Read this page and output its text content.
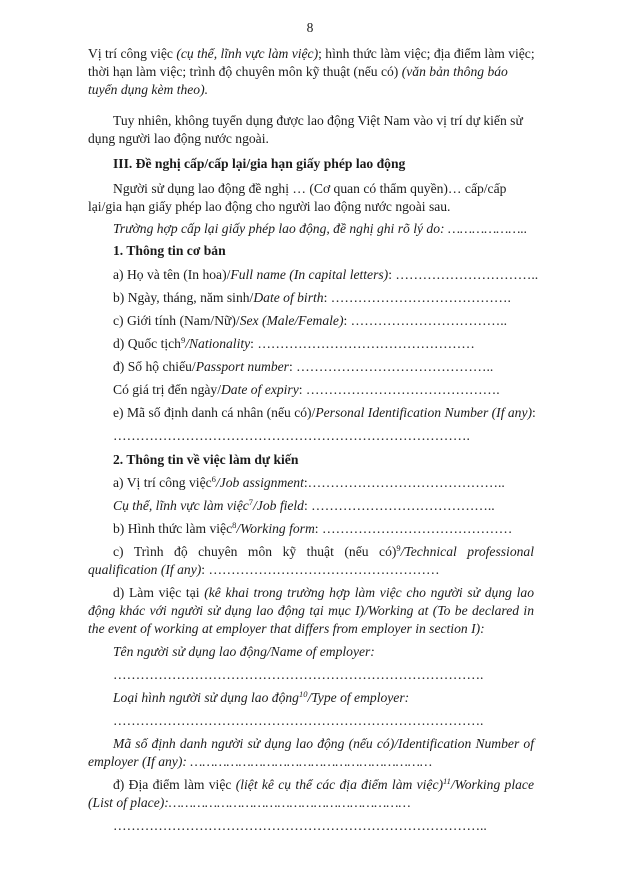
8
Vị trí công việc (cụ thể, lĩnh vực làm việc); hình thức làm việc; địa điểm làm việc;
thời hạn làm việc; trình độ chuyên môn kỹ thuật (nếu có) (văn bản thông báo
tuyển dụng kèm theo).
Tuy nhiên, không tuyển dụng được lao động Việt Nam vào vị trí dự kiến sử
dụng người lao động nước ngoài.
III. Đề nghị cấp/cấp lại/gia hạn giấy phép lao động
Người sử dụng lao động đề nghị … (Cơ quan có thẩm quyền)… cấp/cấp
lại/gia hạn giấy phép lao động cho người lao động nước ngoài sau.
Trường hợp cấp lại giấy phép lao động, đề nghị ghi rõ lý do: ………………..
1. Thông tin cơ bản
a) Họ và tên (In hoa)/Full name (In capital letters): …………………………..
b) Ngày, tháng, năm sinh/Date of birth: ………………………………….
c) Giới tính (Nam/Nữ)/Sex (Male/Female): ……………………………..
d) Quốc tịch$^9$/Nationality: …………………………………………
đ) Số hộ chiếu/Passport number: ……………………………………..
Có giá trị đến ngày/Date of expiry: …………………………………….
e) Mã số định danh cá nhân (nếu có)/Personal Identification Number (If any):
…………………………………………………………………….
2. Thông tin về việc làm dự kiến
a) Vị trí công việc$^6$/Job assignment:……………………………………..
Cụ thể, lĩnh vực làm việc$^7$/Job field: …………………………………..
b) Hình thức làm việc$^8$/Working form: ……………………………………
c) Trình độ chuyên môn kỹ thuật (nếu có)$^9$/Technical professional
qualification (If any): ……………………………………………
d) Làm việc tại (kê khai trong trường hợp làm việc cho người sử dụng lao
động khác với người sử dụng lao động tại mục I)/Working at (To be declared in
the event of working at employer that differs from employer in section I):
Tên người sử dụng lao động/Name of employer:
……………………………………………………………………….
Loại hình người sử dụng lao động$^{10}$/Type of employer:
……………………………………………………………………….
Mã số định danh người sử dụng lao động (nếu có)/Identification Number of
employer (If any): ……………………………………………………
đ) Địa điểm làm việc (liệt kê cụ thể các địa điểm làm việc)$^{11}$/Working place
(List of place):……………………………………………………
………………………………………………………………………..
